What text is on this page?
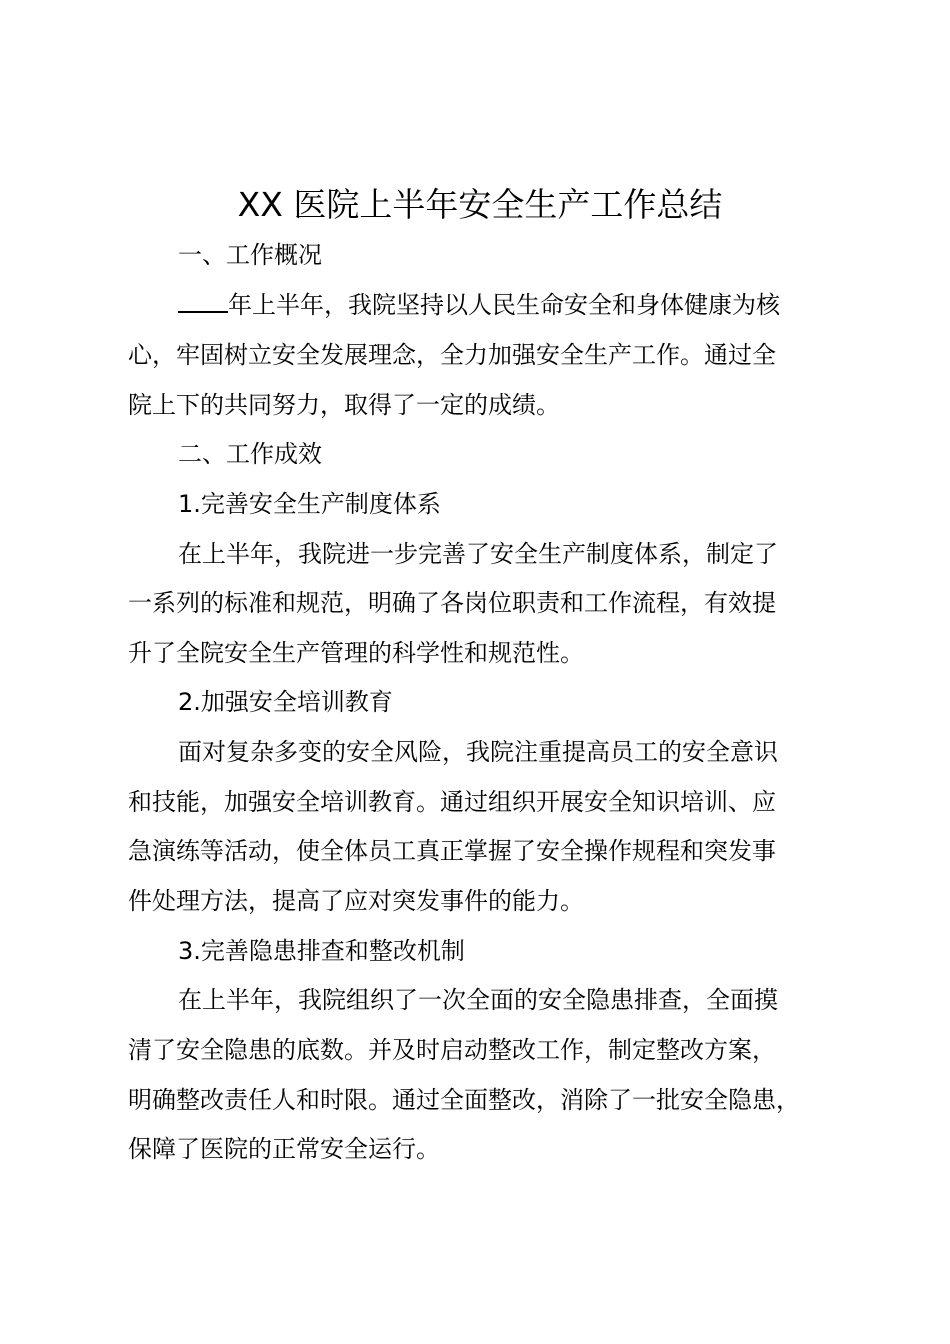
XX 医院上半年安全生产工作总结
一、工作概况
年上半年，我院坚持以人民生命安全和身体健康为核
心，牢固树立安全发展理念，全力加强安全生产工作。通过全
院上下的共同努力，取得了一定的成绩。
二、工作成效
1.完善安全生产制度体系
在上半年，我院进一步完善了安全生产制度体系，制定了
一系列的标准和规范，明确了各岗位职责和工作流程，有效提
升了全院安全生产管理的科学性和规范性。
2.加强安全培训教育
面对复杂多变的安全风险，我院注重提高员工的安全意识
和技能，加强安全培训教育。通过组织开展安全知识培训、应
急演练等活动，使全体员工真正掌握了安全操作规程和突发事
件处理方法，提高了应对突发事件的能力。
3.完善隐患排查和整改机制
在上半年，我院组织了一次全面的安全隐患排查，全面摸
清了安全隐患的底数。并及时启动整改工作，制定整改方案，
明确整改责任人和时限。通过全面整改，消除了一批安全隐患，
保障了医院的正常安全运行。
